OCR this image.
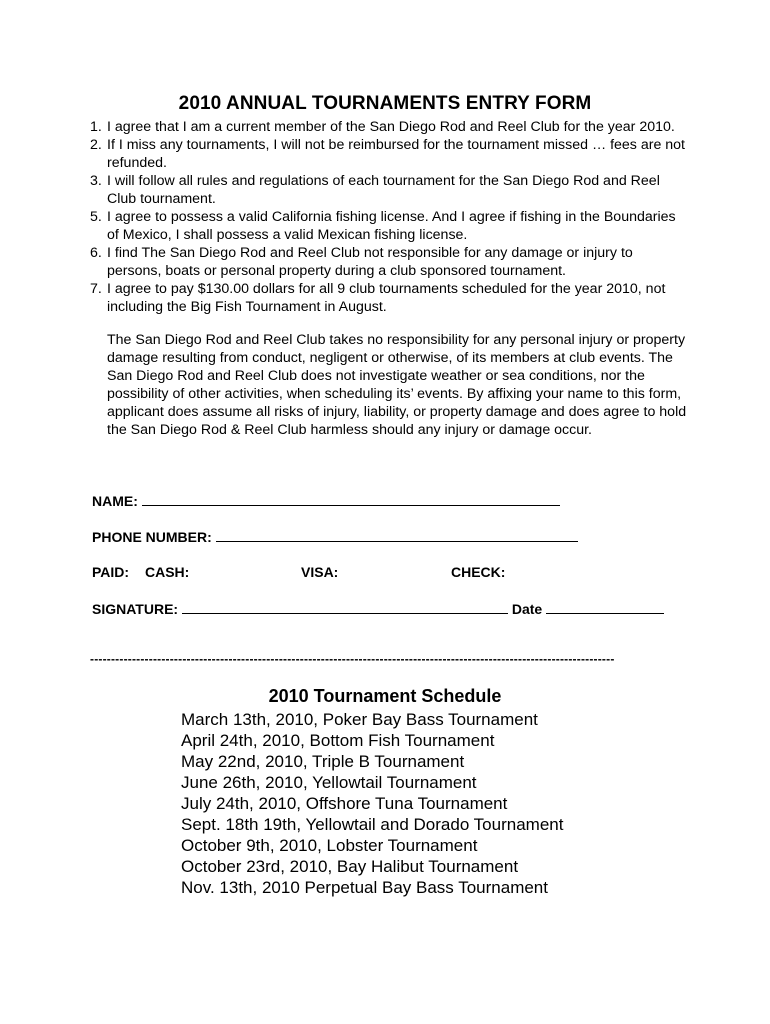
2010 ANNUAL TOURNAMENTS ENTRY FORM
1. I agree that I am a current member of the San Diego Rod and Reel Club for the year 2010.
2. If I miss any tournaments, I will not be reimbursed for the tournament missed … fees are not refunded.
3. I will follow all rules and regulations of each tournament for the San Diego Rod and Reel Club tournament.
5. I agree to possess a valid California fishing license. And I agree if fishing in the Boundaries of Mexico, I shall possess a valid Mexican fishing license.
6. I find The San Diego Rod and Reel Club not responsible for any damage or injury to persons, boats or personal property during a club sponsored tournament.
7. I agree to pay $130.00 dollars for all 9 club tournaments scheduled for the year 2010, not including the Big Fish Tournament in August.
The San Diego Rod and Reel Club takes no responsibility for any personal injury or property damage resulting from conduct, negligent or otherwise, of its members at club events. The San Diego Rod and Reel Club does not investigate weather or sea conditions, nor the possibility of other activities, when scheduling its’ events. By affixing your name to this form, applicant does assume all risks of injury, liability, or property damage and does agree to hold the San Diego Rod & Reel Club harmless should any injury or damage occur.
NAME:
PHONE NUMBER:
PAID: CASH:	VISA:	CHECK:
SIGNATURE:	Date
-----------------------------------------------------------------------------------------------------------------------------
2010 Tournament Schedule
March 13th, 2010, Poker Bay Bass Tournament
April 24th, 2010, Bottom Fish Tournament
May 22nd, 2010, Triple B Tournament
June 26th, 2010, Yellowtail Tournament
July 24th, 2010, Offshore Tuna Tournament
Sept. 18th 19th, Yellowtail and Dorado Tournament
October 9th, 2010, Lobster Tournament
October 23rd, 2010, Bay Halibut Tournament
Nov. 13th, 2010 Perpetual Bay Bass Tournament
